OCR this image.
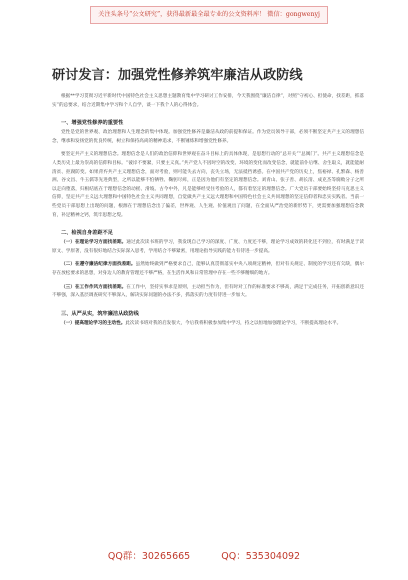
关注头条号“公文研究”，获得最新最全最专业的公文资料库！ 微信：gongwenyj
研讨发言：加强党性修养筑牢廉洁从政防线

根据**学习贯彻习近平新时代中国特色社会主义思想主题教育集中学习研讨工作安排，今天我围绕“廉洁自律”，对照“守初心、担使命，找差距，抓落实”的总要求，结合近期集中学习和个人自学，谈一下我个人的心得体会。

一、增强党性修养的重要性

党性是党的世界观、政治理想和人生理念的集中体现。加强党性修养是廉洁从政的前提和保证。作为党员领导干部，必须不断坚定共产主义的理想信念，继承和发扬党的优良传统，树立和保持高尚的精神追求，不断锤炼和增强党性修养。

要坚定共产主义的理想信念。理想信念是人们的政治信仰和世界观在奋斗目标上的具体体现，是思想行动的“总开关”“总阀门”。共产主义理想信念是人类历史上最为崇高的信仰和目标。“彼岸不要紧，只要主义真。”共产党人不因时空的改变、环境的变化而改变信念，就能前仆后继、舍生取义，就能能耐清贫、拒腐防变。如果背弃共产主义理想信念，面对考验，则可能失去方向，丧失立场，无法抵挡诱惑。在中国共产党的历史上，焦裕禄、孔繁森、杨善洲、谷文昌、牛玉儒等先进典型，之所以能够不怕牺牲、鞠躬尽瘁，正是因为他们有坚定的理想信念。刘青山、张子善、胡长清、成克杰等腐败分子之所以走向堕落，归根结底在于理想信念的动摇、滑坡。古今中外，凡是能够经受住考验的人，都有着坚定的理想信念。广大党员干部要始终坚持马克思主义信仰，坚定共产主义远大理想和中国特色社会主义共同理想，自觉做共产主义远大理想和中国特色社会主义共同理想的坚定信仰者和忠实实践者。当前一些党员干部思想上出现的问题，根源在于理想信念出了偏差，世界观、人生观、价值观出了问题，在全面从严治党的新形势下，更需要加强理想信念教育，补足精神之钙，筑牢思想之堤。

二、检视自身差距不足

（一）在理论学习方面找差距。通过此次读书班的学习，我发现自己学习的深度、广度、力度还不够，理论学习成效的转化还不到位，有时满足于读原文、学原著，没有很好地结合实际深入思考，学用结合不够紧密，用理论指导实践的能力有待进一步提高。

（二）在遵守廉洁纪律方面找差距。虽然始终做到严格要求自己，能够认真贯彻落实中央八项规定精神，但对有关规定、制度的学习还有欠缺，偶尔存在放松要求的思想，对身边人的教育管理还不够严格，在生活作风和日常管理中存在一些不够精细的地方。

（三）在工作作风方面找差距。在工作中，坚持实事求是原则，主动担当作为，但有时对工作的标准要求不够高，满足于完成任务，开拓创新意识还不够强，深入基层调查研究不够深入，解决实际问题的办法不多，抓落实的力度有待进一步加大。

三、从严从实，筑牢廉洁从政防线

（一）提高理论学习的主动性。此次读书班对我的启发很大，今后我将积极参加集中学习，持之以恒地加强理论学习，不断提高理论水平。

QQ群：30265665	QQ：535304092
